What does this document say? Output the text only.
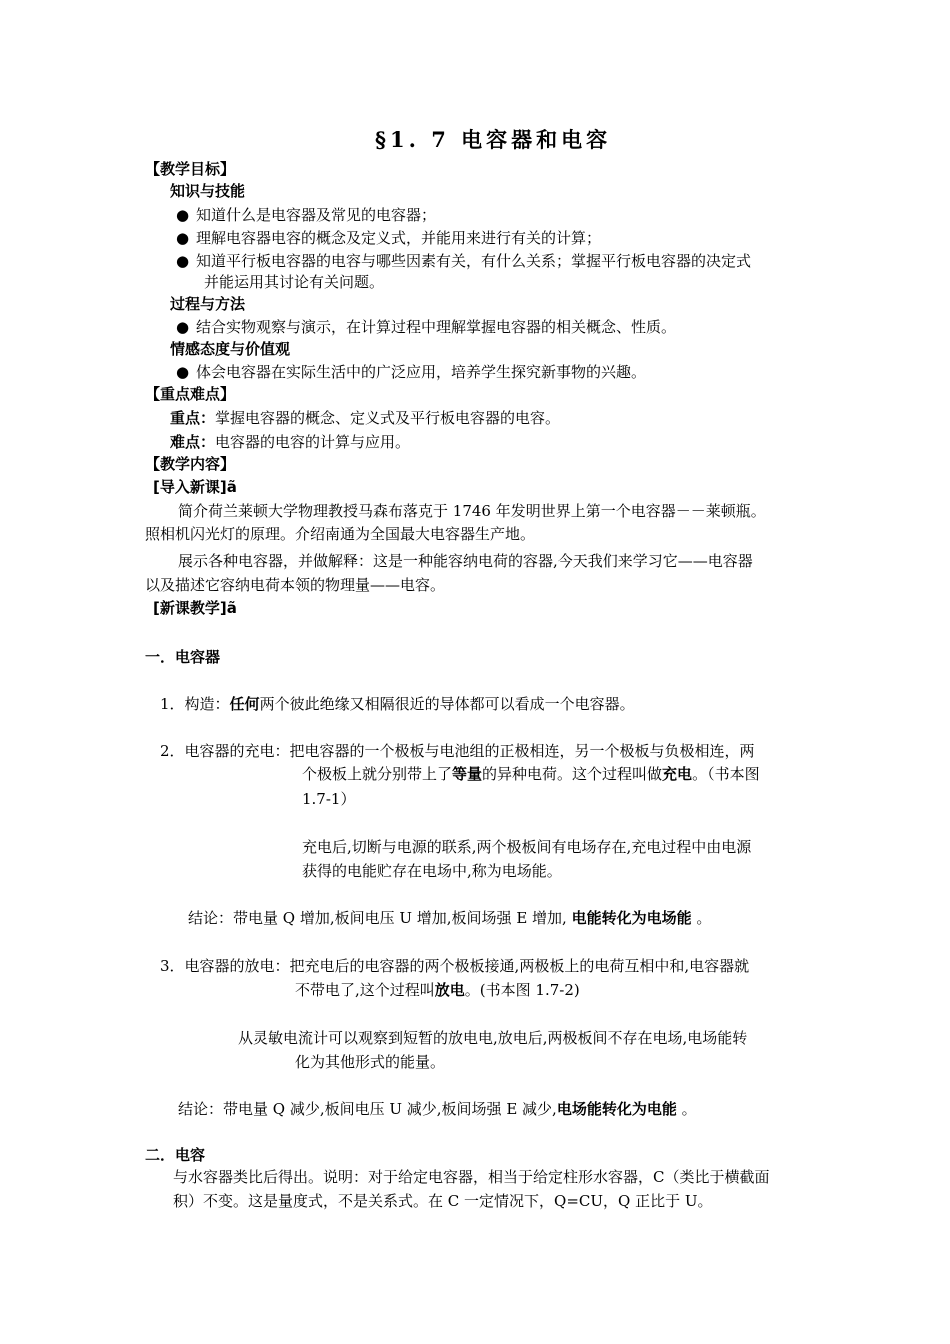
§1. 7 电容器和电容
【教学目标】
知识与技能
● 知道什么是电容器及常见的电容器；
● 理解电容器电容的概念及定义式，并能用来进行有关的计算；
● 知道平行板电容器的电容与哪些因素有关，有什么关系；掌握平行板电容器的决定式
并能运用其讨论有关问题。
过程与方法
● 结合实物观察与演示，在计算过程中理解掌握电容器的相关概念、性质。
情感态度与价值观
● 体会电容器在实际生活中的广泛应用，培养学生探究新事物的兴趣。
【重点难点】
重点：掌握电容器的概念、定义式及平行板电容器的电容。
难点：电容器的电容的计算与应用。
【教学内容】
[导入新课]ã
简介荷兰莱顿大学物理教授马森布落克于 1746 年发明世界上第一个电容器－－莱顿瓶。
照相机闪光灯的原理。介绍南通为全国最大电容器生产地。
展示各种电容器，并做解释：这是一种能容纳电荷的容器,今天我们来学习它——电容器
以及描述它容纳电荷本领的物理量——电容。
[新课教学]ã
一．电容器
1．构造：任何两个彼此绝缘又相隔很近的导体都可以看成一个电容器。
2．电容器的充电：把电容器的一个极板与电池组的正极相连，另一个极板与负极相连，两
个极板上就分别带上了等量的异种电荷。这个过程叫做充电。（书本图
1.7-1）
充电后,切断与电源的联系,两个极板间有电场存在,充电过程中由电源
获得的电能贮存在电场中,称为电场能。
结论：带电量 Q 增加,板间电压 U 增加,板间场强 E 增加, 电能转化为电场能 。
3．电容器的放电：把充电后的电容器的两个极板接通,两极板上的电荷互相中和,电容器就
不带电了,这个过程叫放电。(书本图 1.7-2)
从灵敏电流计可以观察到短暂的放电电,放电后,两极板间不存在电场,电场能转
化为其他形式的能量。
结论：带电量 Q 减少,板间电压 U 减少,板间场强 E 减少,电场能转化为电能 。
二．电容
与水容器类比后得出。说明：对于给定电容器，相当于给定柱形水容器，C（类比于横截面
积）不变。这是量度式，不是关系式。在 C 一定情况下，Q=CU，Q 正比于 U。
